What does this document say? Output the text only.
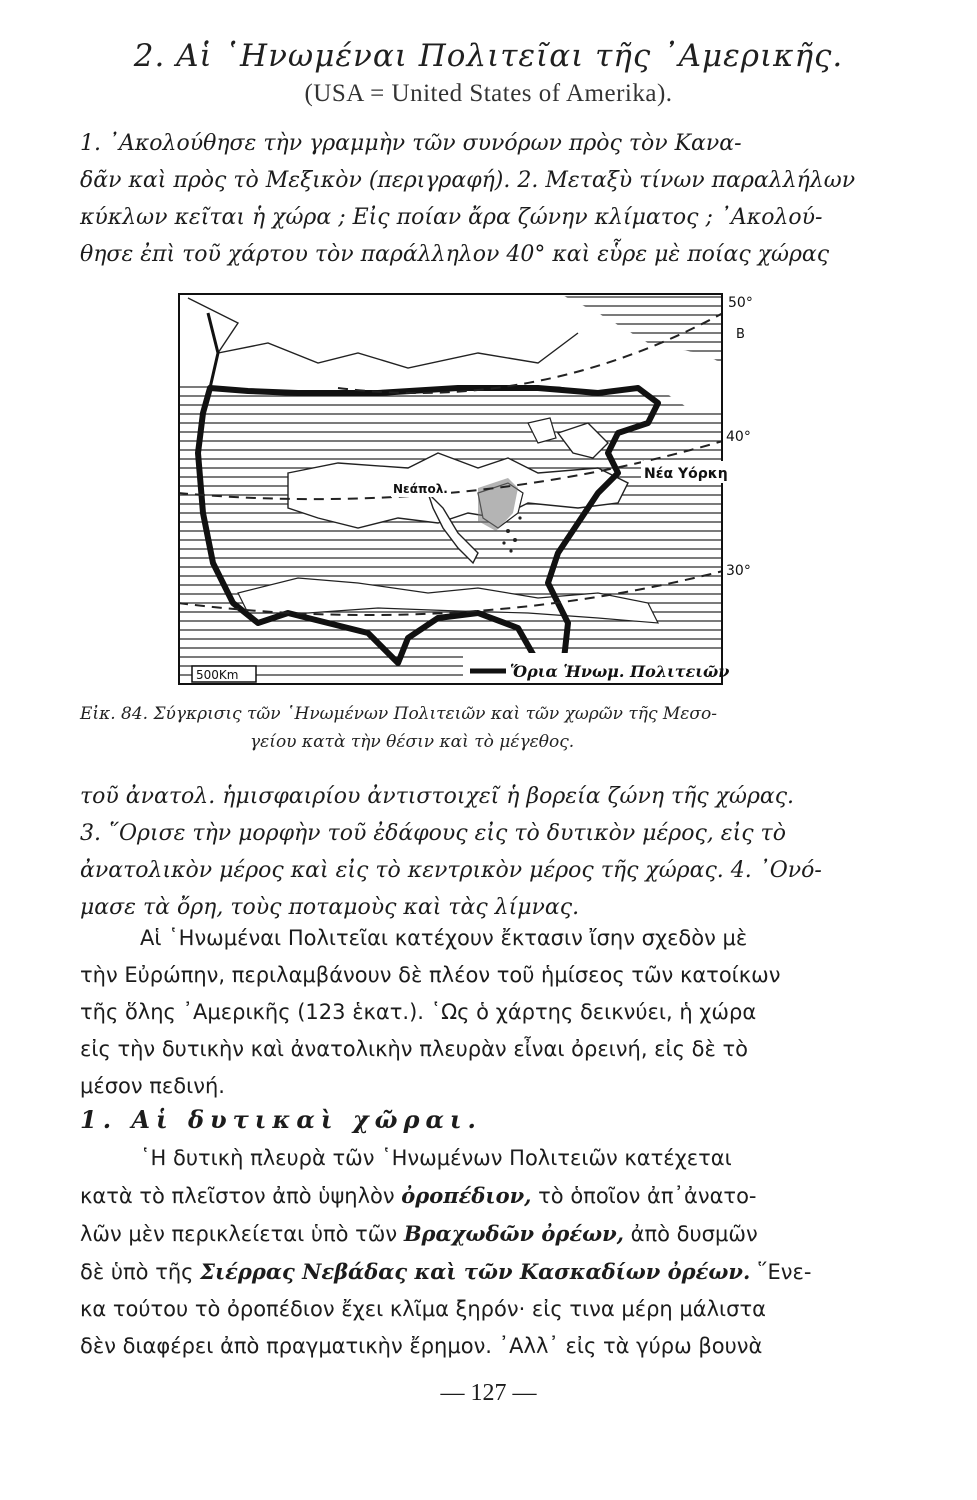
2. Αἱ ῾Ηνωμέναι Πολιτεῖαι τῆς ᾿Αμερικῆς.
(USA = United States of Amerika).
1. ᾿Ακολούθησε τὴν γραμμὴν τῶν συνόρων πρὸς τὸν Κανα-
δᾶν καὶ πρὸς τὸ Μεξικὸν (περιγραφή). 2. Μεταξὺ τίνων παραλλήλων
κύκλων κεῖται ἡ χώρα ; Εἰς ποίαν ἄρα ζώνην κλίματος ; ᾿Ακολού-
θησε ἐπὶ τοῦ χάρτου τὸν παράλληλον 40° καὶ εὗρε μὲ ποίας χώρας
50°
Β
40°
30°
Νέα Υόρκη
Νεάπολ.
500Km	Ὅρια Ἡνωμ. Πολιτειῶν
Εἰκ. 84. Σύγκρισις τῶν ῾Ηνωμένων Πολιτειῶν καὶ τῶν χωρῶν τῆς Μεσο-
γείου κατὰ τὴν θέσιν καὶ τὸ μέγεθος.
τοῦ ἀνατολ. ἡμισφαιρίου ἀντιστοιχεῖ ἡ βορεία ζώνη τῆς χώρας.
3. ῞Ορισε τὴν μορφὴν τοῦ ἐδάφους εἰς τὸ δυτικὸν μέρος, εἰς τὸ
ἀνατολικὸν μέρος καὶ εἰς τὸ κεντρικὸν μέρος τῆς χώρας. 4. ᾿Ονό-
μασε τὰ ὄρη, τοὺς ποταμοὺς καὶ τὰς λίμνας.
Αἱ ῾Ηνωμέναι Πολιτεῖαι κατέχουν ἔκτασιν ἴσην σχεδὸν μὲ
τὴν Εὐρώπην, περιλαμβάνουν δὲ πλέον τοῦ ἡμίσεος τῶν κατοίκων
τῆς ὅλης ᾿Αμερικῆς (123 ἑκατ.). ῾Ως ὁ χάρτης δεικνύει, ἡ χώρα
εἰς τὴν δυτικὴν καὶ ἀνατολικὴν πλευρὰν εἶναι ὀρεινή, εἰς δὲ τὸ
μέσον πεδινή.
1. Αἱ δυτικαὶ χῶραι.
῾Η δυτικὴ πλευρὰ τῶν ῾Ηνωμένων Πολιτειῶν κατέχεται
κατὰ τὸ πλεῖστον ἀπὸ ὑψηλὸν ὀροπέδιον, τὸ ὁποῖον ἀπ᾿ἀνατο-
λῶν μὲν περικλείεται ὑπὸ τῶν Βραχωδῶν ὀρέων, ἀπὸ δυσμῶν
δὲ ὑπὸ τῆς Σιέρρας Νεβάδας καὶ τῶν Κασκαδίων ὀρέων. ῞Ενε-
κα τούτου τὸ ὀροπέδιον ἔχει κλῖμα ξηρόν· εἰς τινα μέρη μάλιστα
δὲν διαφέρει ἀπὸ πραγματικὴν ἔρημον. ᾿Αλλ᾿ εἰς τὰ γύρω βουνὰ
— 127 —
